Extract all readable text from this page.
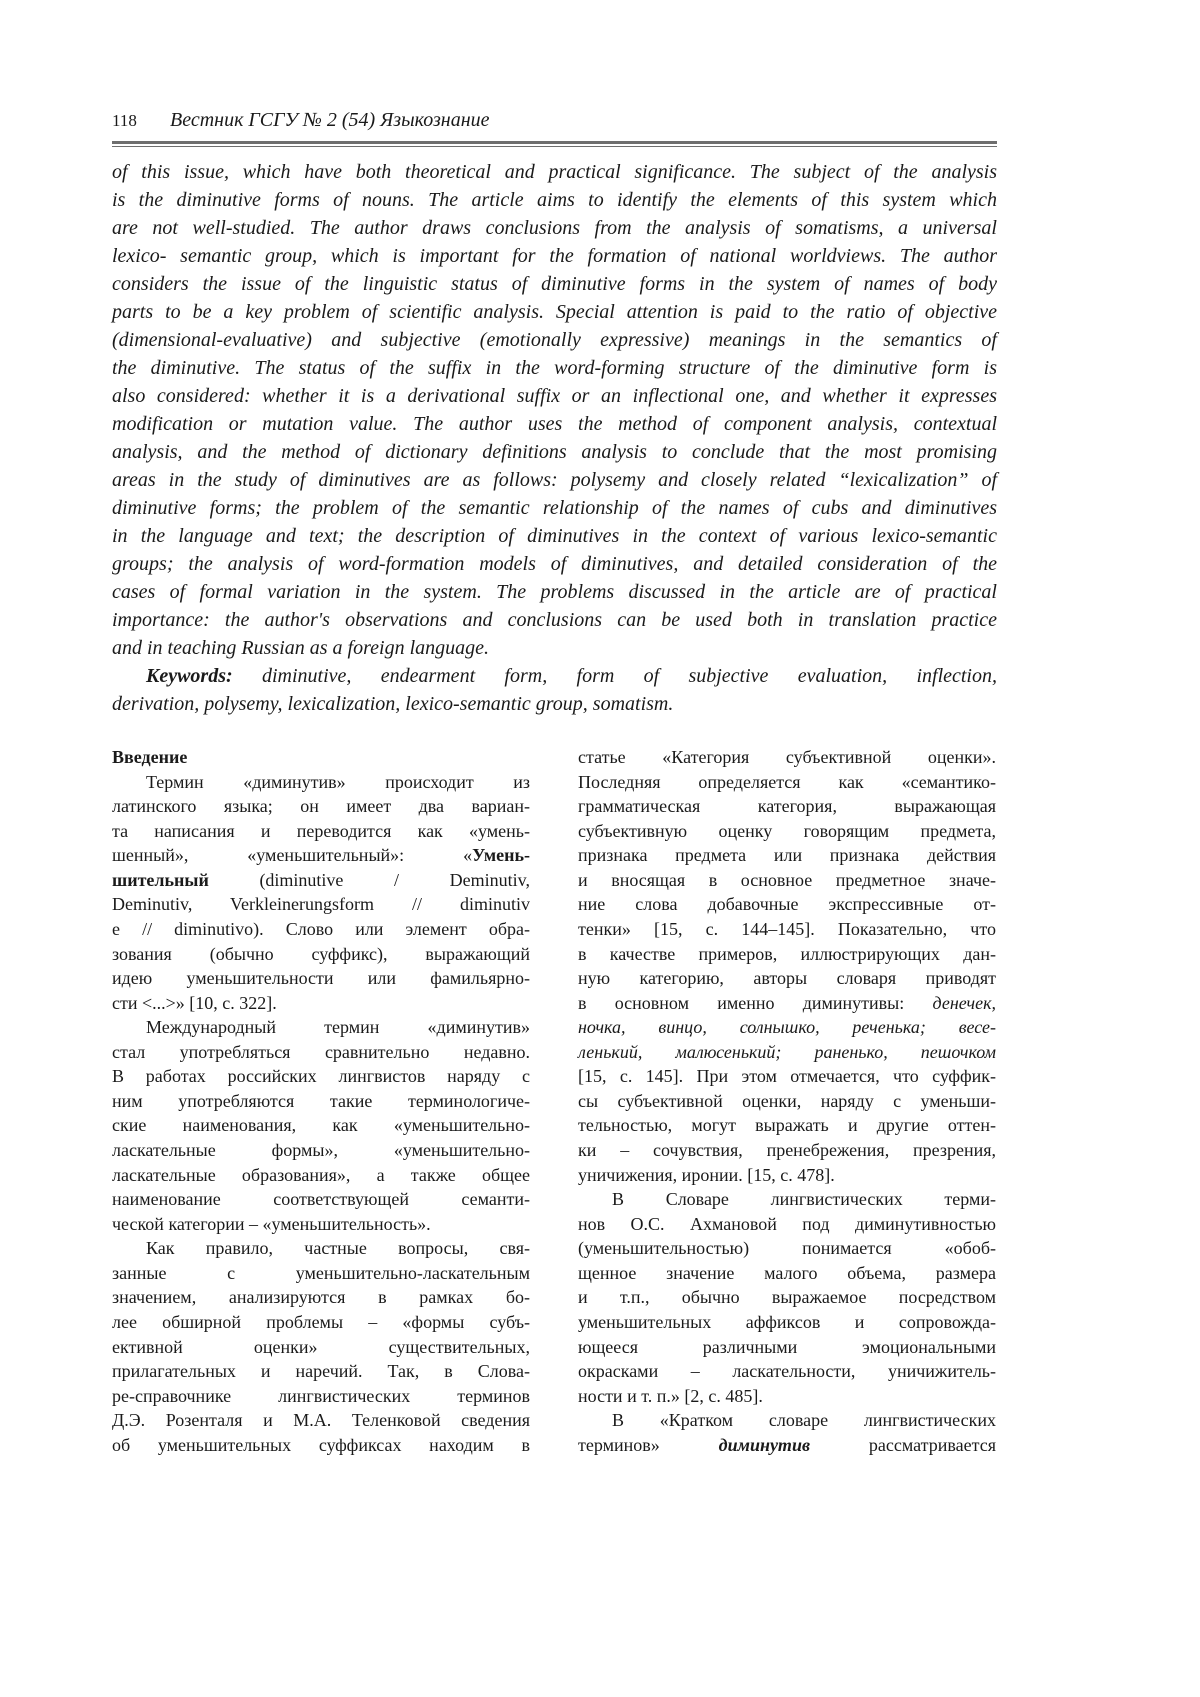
118 Вестник ГСГУ № 2 (54) Языкознание
of this issue, which have both theoretical and practical significance. The subject of the analysis
is the diminutive forms of nouns. The article aims to identify the elements of this system which
are not well-studied. The author draws conclusions from the analysis of somatisms, a universal
lexico- semantic group, which is important for the formation of national worldviews. The author
considers the issue of the linguistic status of diminutive forms in the system of names of body
parts to be a key problem of scientific analysis. Special attention is paid to the ratio of objective
(dimensional-evaluative) and subjective (emotionally expressive) meanings in the semantics of
the diminutive. The status of the suffix in the word-forming structure of the diminutive form is
also considered: whether it is a derivational suffix or an inflectional one, and whether it expresses
modification or mutation value. The author uses the method of component analysis, contextual
analysis, and the method of dictionary definitions analysis to conclude that the most promising
areas in the study of diminutives are as follows: polysemy and closely related “lexicalization” of
diminutive forms; the problem of the semantic relationship of the names of cubs and diminutives
in the language and text; the description of diminutives in the context of various lexico-semantic
groups; the analysis of word-formation models of diminutives, and detailed consideration of the
cases of formal variation in the system. The problems discussed in the article are of practical
importance: the author's observations and conclusions can be used both in translation practice
and in teaching Russian as a foreign language.
Keywords: diminutive, endearment form, form of subjective evaluation, inflection,
derivation, polysemy, lexicalization, lexico-semantic group, somatism.
Введение
Термин «диминутив» происходит из
латинского языка; он имеет два вариан-
та написания и переводится как «умень-
шенный», «уменьшительный»: «Умень-
шительный (diminutive / Deminutiv,
Deminutiv, Verkleinerungsform // diminutiv
e // diminutivo). Слово или элемент обра-
зования (обычно суффикс), выражающий
идею уменьшительности или фамильярно-
сти <...>» [10, с. 322].
Международный термин «диминутив»
стал употребляться сравнительно недавно.
В работах российских лингвистов наряду с
ним употребляются такие терминологиче-
ские наименования, как «уменьшительно-
ласкательные формы», «уменьшительно-
ласкательные образования», а также общее
наименование соответствующей семанти-
ческой категории – «уменьшительность».
Как правило, частные вопросы, свя-
занные с уменьшительно-ласкательным
значением, анализируются в рамках бо-
лее обширной проблемы – «формы субъ-
ективной оценки» существительных,
прилагательных и наречий. Так, в Слова-
ре-справочнике лингвистических терминов
Д.Э. Розенталя и М.А. Теленковой сведения
об уменьшительных суффиксах находим в
статье «Категория субъективной оценки».
Последняя определяется как «семантико-
грамматическая категория, выражающая
субъективную оценку говорящим предмета,
признака предмета или признака действия
и вносящая в основное предметное значе-
ние слова добавочные экспрессивные от-
тенки» [15, с. 144–145]. Показательно, что
в качестве примеров, иллюстрирующих дан-
ную категорию, авторы словаря приводят
в основном именно диминутивы: денечек,
ночка, винцо, солнышко, реченька; весе-
ленький, малюсенький; раненько, пешочком
[15, с. 145]. При этом отмечается, что суффик-
сы субъективной оценки, наряду с уменьши-
тельностью, могут выражать и другие оттен-
ки – сочувствия, пренебрежения, презрения,
уничижения, иронии. [15, с. 478].
В Словаре лингвистических терми-
нов О.С. Ахмановой под диминутивностью
(уменьшительностью) понимается «обоб-
щенное значение малого объема, размера
и т.п., обычно выражаемое посредством
уменьшительных аффиксов и сопровожда-
ющееся различными эмоциональными
окрасками – ласкательности, уничижитель-
ности и т. п.» [2, с. 485].
В «Кратком словаре лингвистических
терминов» диминутив рассматривается
